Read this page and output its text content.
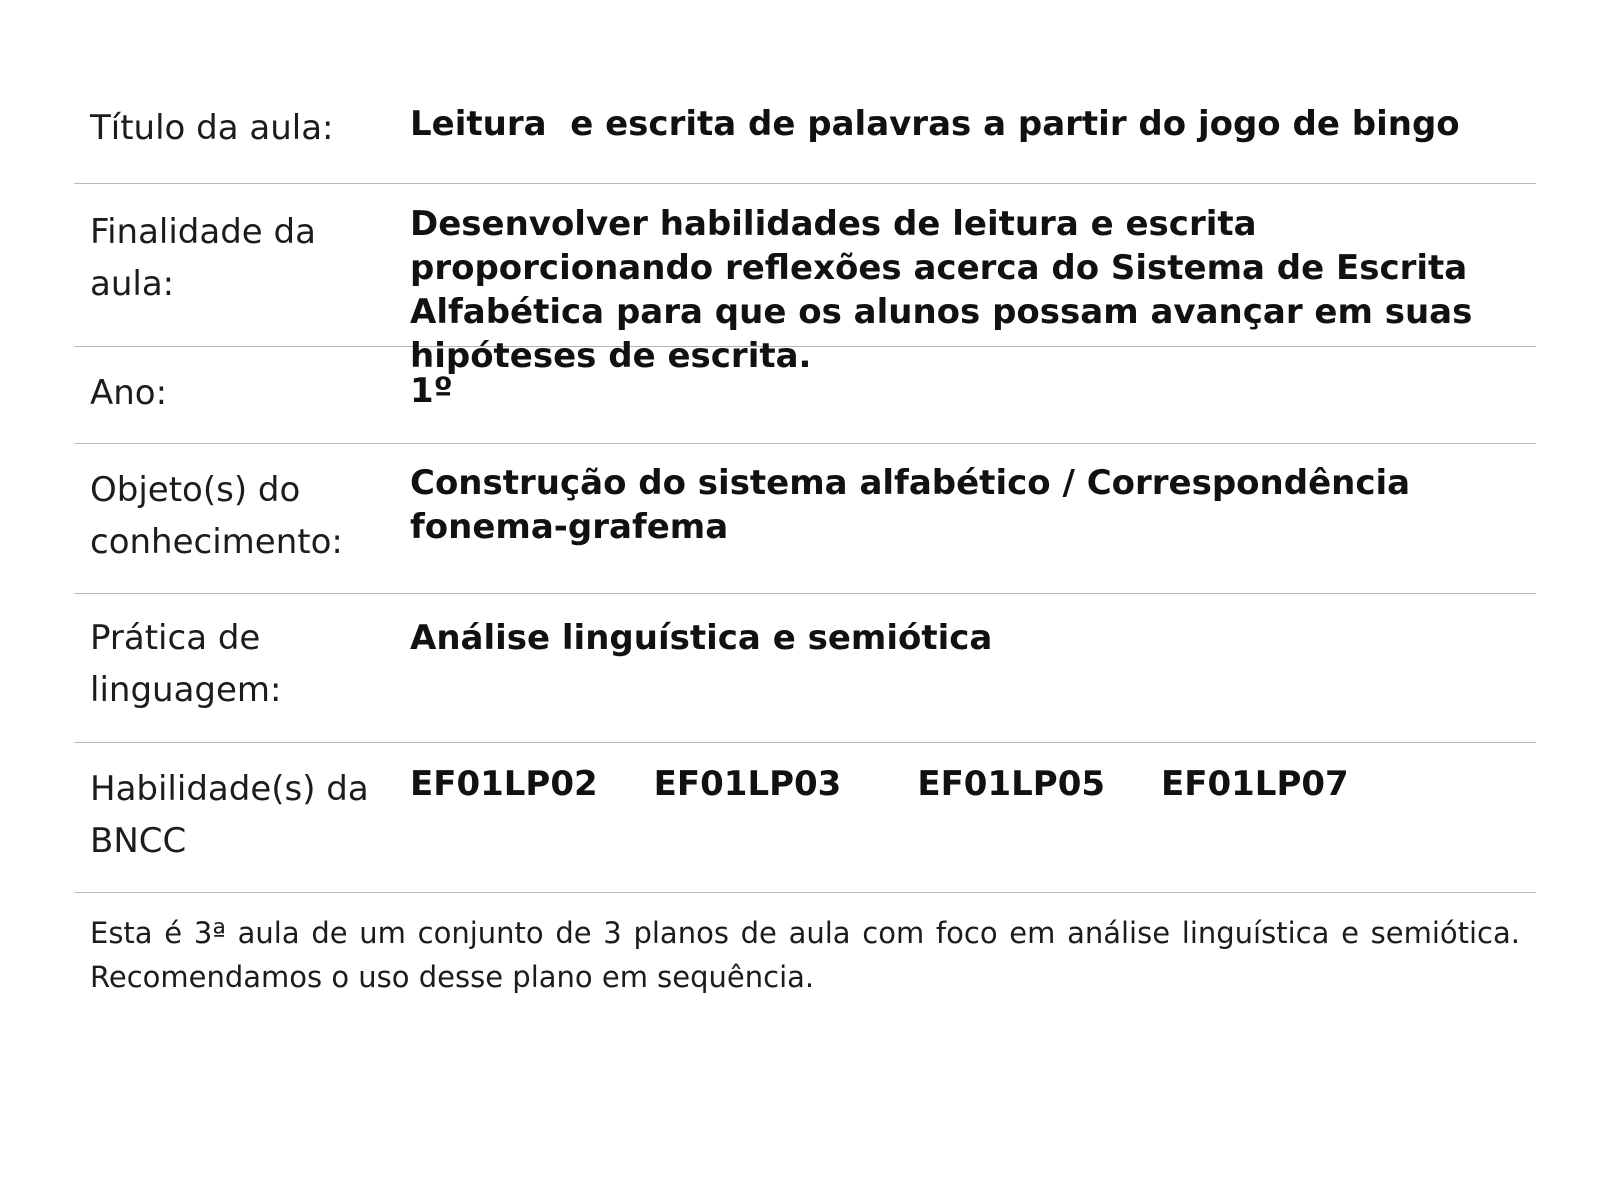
Título da aula:	Leitura  e escrita de palavras a partir do jogo de bingo
Finalidade da aula:
Desenvolver habilidades de leitura e escrita proporcionando reflexões acerca do Sistema de Escrita Alfabética para que os alunos possam avançar em suas hipóteses de escrita.
Ano:	1º
Objeto(s) do conhecimento:
Construção do sistema alfabético / Correspondência fonema-grafema
Prática de linguagem:
Análise linguística e semiótica
Habilidade(s) da BNCC
EF01LP02 EF01LP03 EF01LP05 EF01LP07
Esta é 3ª aula de um conjunto de 3 planos de aula com foco em análise linguística e semiótica. Recomendamos o uso desse plano em sequência.
